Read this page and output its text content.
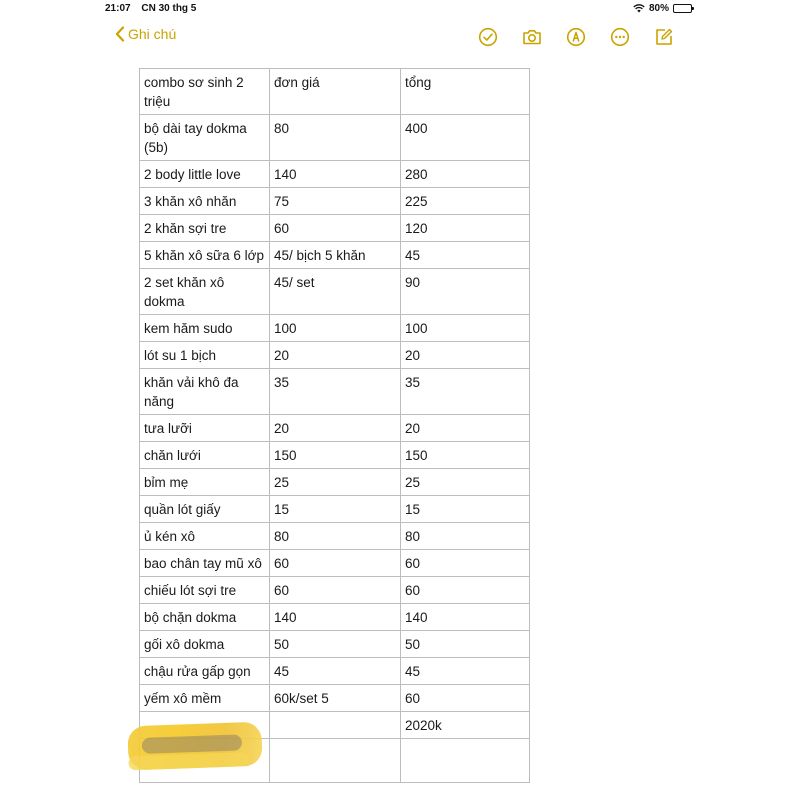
21:07 CN 30 thg 5	80%
Ghi chú
combo sơ sinh 2 triệu	đơn giá	tổng
bộ dài tay dokma (5b)	80	400
2 body little love	140	280
3 khăn xô nhăn	75	225
2 khăn sợi tre	60	120
5 khăn xô sữa 6 lớp	45/ bịch 5 khăn	45
2 set khăn xô dokma	45/ set	90
kem hăm sudo	100	100
lót su 1 bịch	20	20
khăn vải khô đa năng	35	35
tưa lưỡi	20	20
chăn lưới	150	150
bỉm mẹ	25	25
quần lót giấy	15	15
ủ kén xô	80	80
bao chân tay mũ xô	60	60
chiếu lót sợi tre	60	60
bộ chặn dokma	140	140
gối xô dokma	50	50
chậu rửa gấp gọn	45	45
yếm xô mềm	60k/set 5	60
		2020k
